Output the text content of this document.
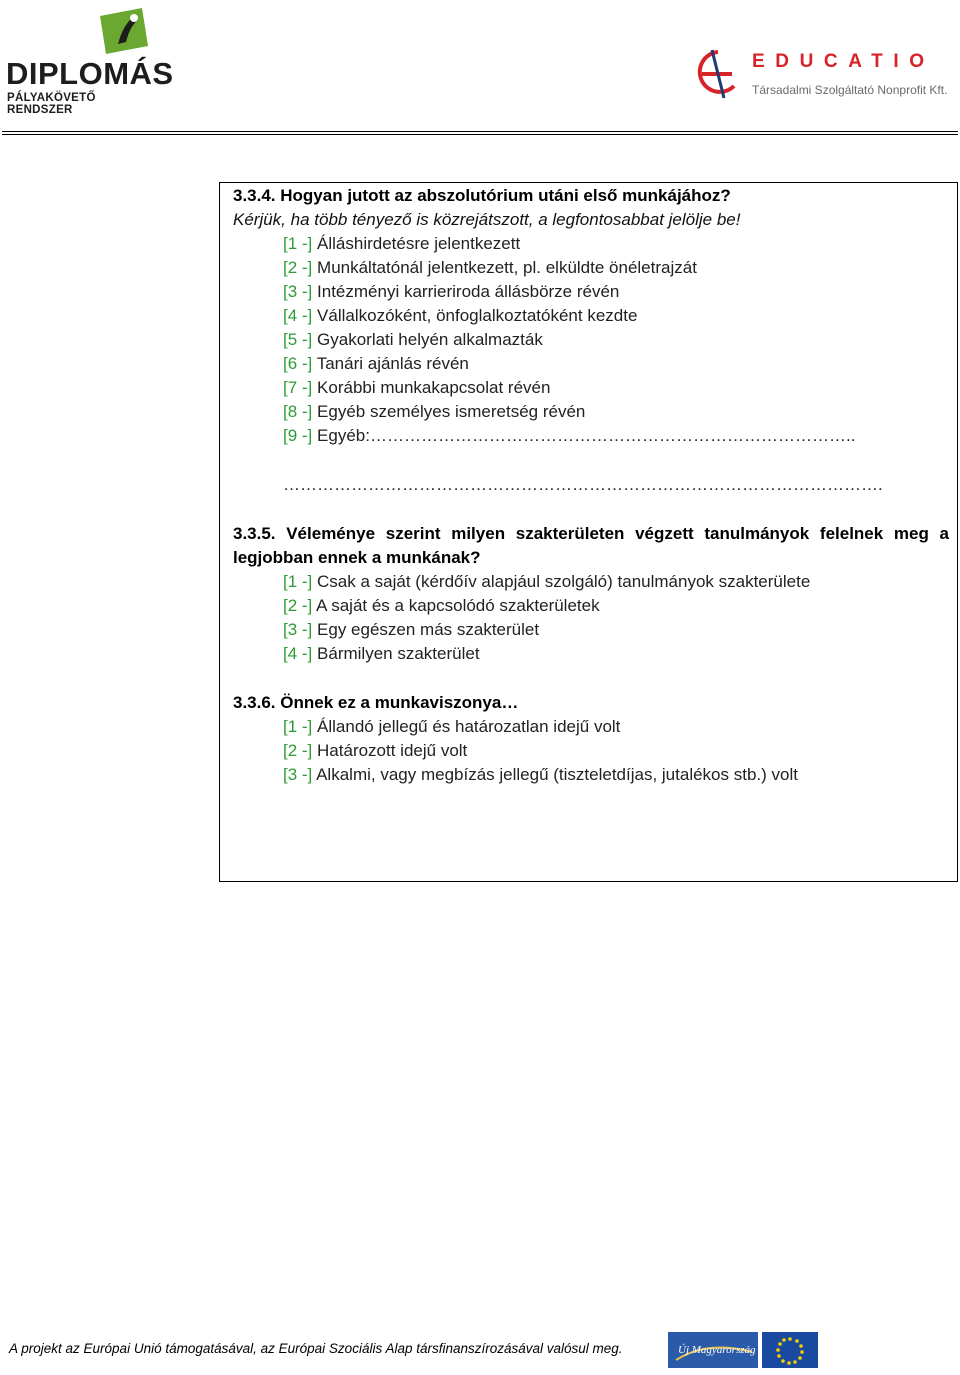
DIPLOMÁS
PÁLYAKÖVETŐ RENDSZER
EDUCATIO
Társadalmi Szolgáltató Nonprofit Kft.
3.3.4. Hogyan jutott az abszolutórium utáni első munkájához?
Kérjük, ha több tényező is közrejátszott, a legfontosabbat jelölje be!
[1 -] Álláshirdetésre jelentkezett
[2 -] Munkáltatónál jelentkezett, pl. elküldte önéletrajzát
[3 -] Intézményi karrieriroda állásbörze révén
[4 -] Vállalkozóként, önfoglalkoztatóként kezdte
[5 -] Gyakorlati helyén alkalmazták
[6 -] Tanári ajánlás révén
[7 -] Korábbi munkakapcsolat révén
[8 -] Egyéb személyes ismeretség révén
[9 -] Egyéb:…………………………………………………………………………..
…………………………………………………………………………………………….
3.3.5. Véleménye szerint milyen szakterületen végzett tanulmányok felelnek meg a
legjobban ennek a munkának?
[1 -] Csak a saját (kérdőív alapjául szolgáló) tanulmányok szakterülete
[2 -] A saját és a kapcsolódó szakterületek
[3 -] Egy egészen más szakterület
[4 -] Bármilyen szakterület
3.3.6. Önnek ez a munkaviszonya…
[1 -] Állandó jellegű és határozatlan idejű volt
[2 -] Határozott idejű volt
[3 -] Alkalmi, vagy megbízás jellegű (tiszteletdíjas, jutalékos stb.) volt
A projekt az Európai Unió támogatásával, az Európai Szociális Alap társfinanszírozásával valósul meg.	Új Magyarország
